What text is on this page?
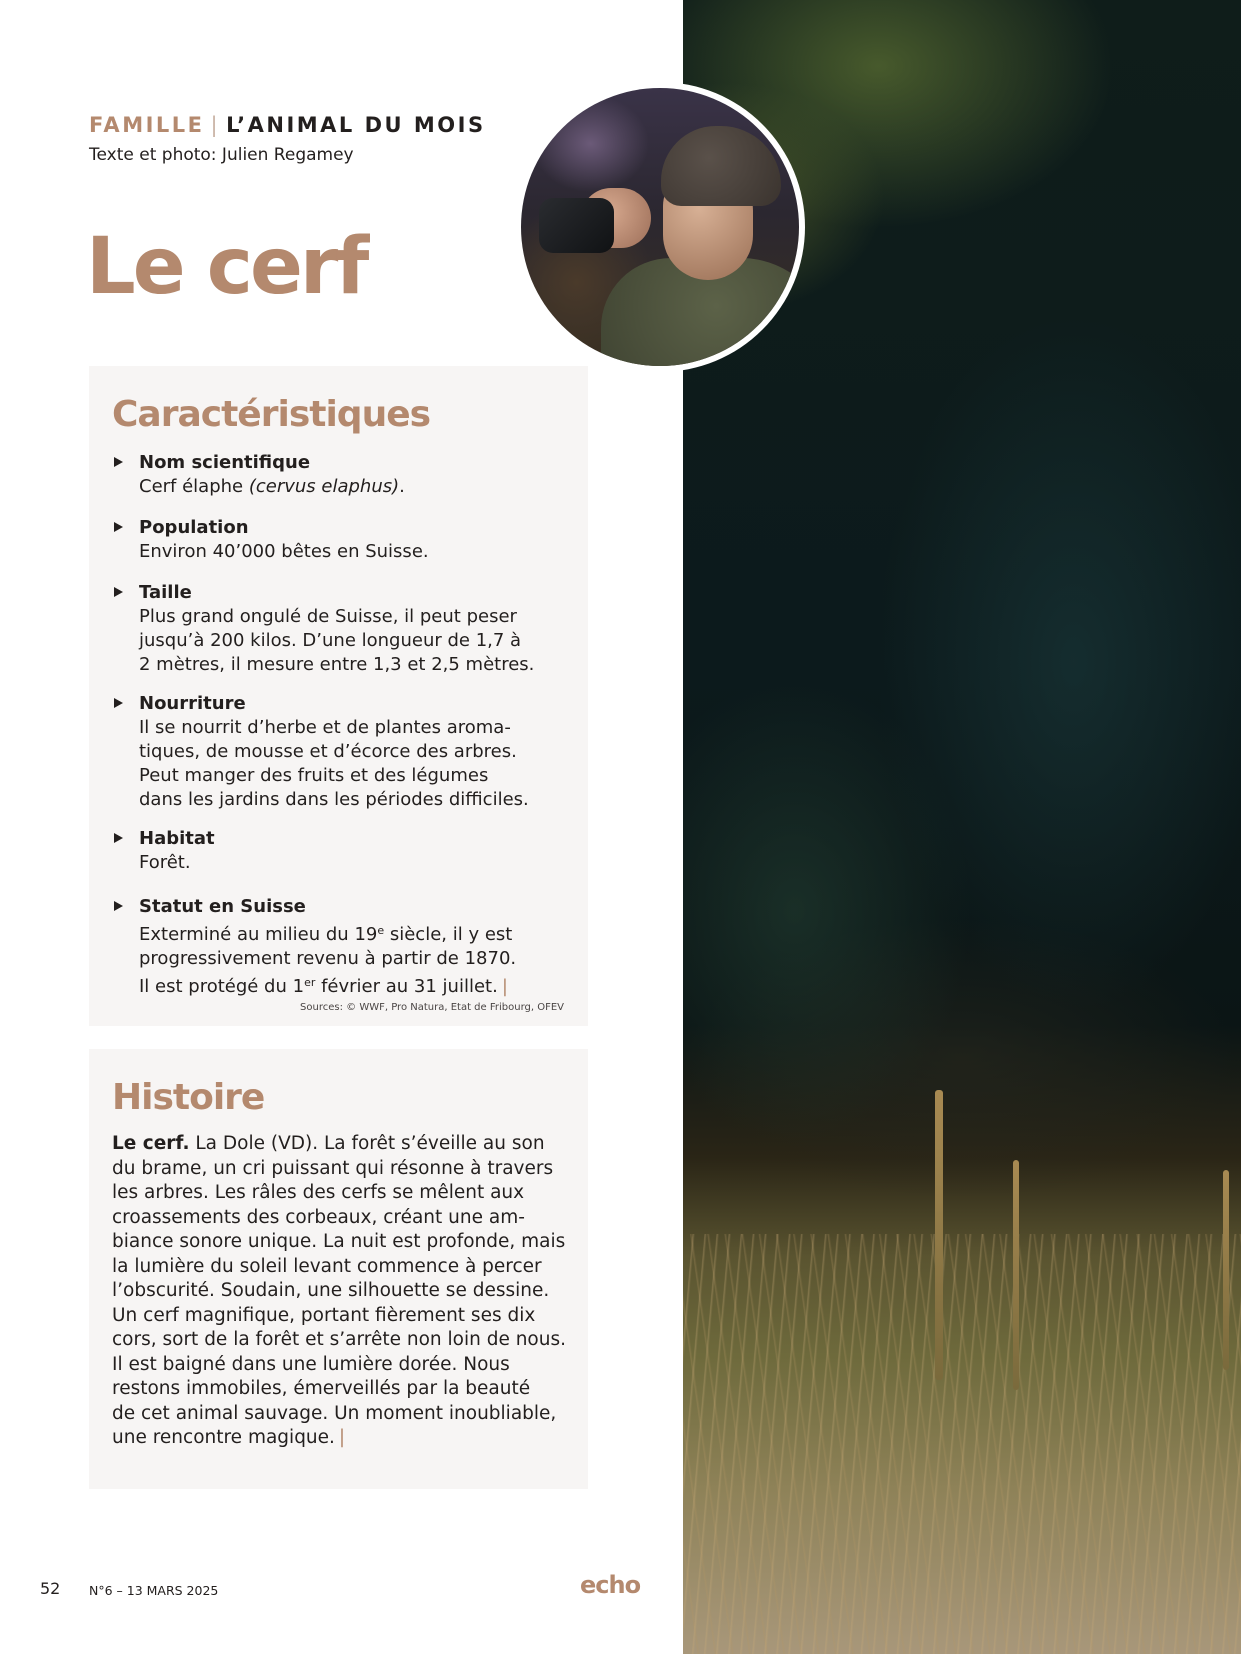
FAMILLE | L’ANIMAL DU MOIS
Texte et photo: Julien Regamey
Le cerf
Caractéristiques
Nom scientifique
Cerf élaphe (cervus elaphus).
Population
Environ 40’000 bêtes en Suisse.
Taille
Plus grand ongulé de Suisse, il peut peser
jusqu’à 200 kilos. D’une longueur de 1,7 à
2 mètres, il mesure entre 1,3 et 2,5 mètres.
Nourriture
Il se nourrit d’herbe et de plantes aroma-
tiques, de mousse et d’écorce des arbres.
Peut manger des fruits et des légumes
dans les jardins dans les périodes difficiles.
Habitat
Forêt.
Statut en Suisse
Exterminé au milieu du 19e siècle, il y est
progressivement revenu à partir de 1870.
Il est protégé du 1er février au 31 juillet. |
Sources: © WWF, Pro Natura, Etat de Fribourg, OFEV
Histoire

Le cerf. La Dole (VD). La forêt s’éveille au son
du brame, un cri puissant qui résonne à travers
les arbres. Les râles des cerfs se mêlent aux
croassements des corbeaux, créant une am-
biance sonore unique. La nuit est profonde, mais
la lumière du soleil levant commence à percer
l’obscurité. Soudain, une silhouette se dessine.
Un cerf magnifique, portant fièrement ses dix
cors, sort de la forêt et s’arrête non loin de nous.
Il est baigné dans une lumière dorée. Nous
restons immobiles, émerveillés par la beauté
de cet animal sauvage. Un moment inoubliable,
une rencontre magique. |

52 N°6 – 13 MARS 2025	echo
